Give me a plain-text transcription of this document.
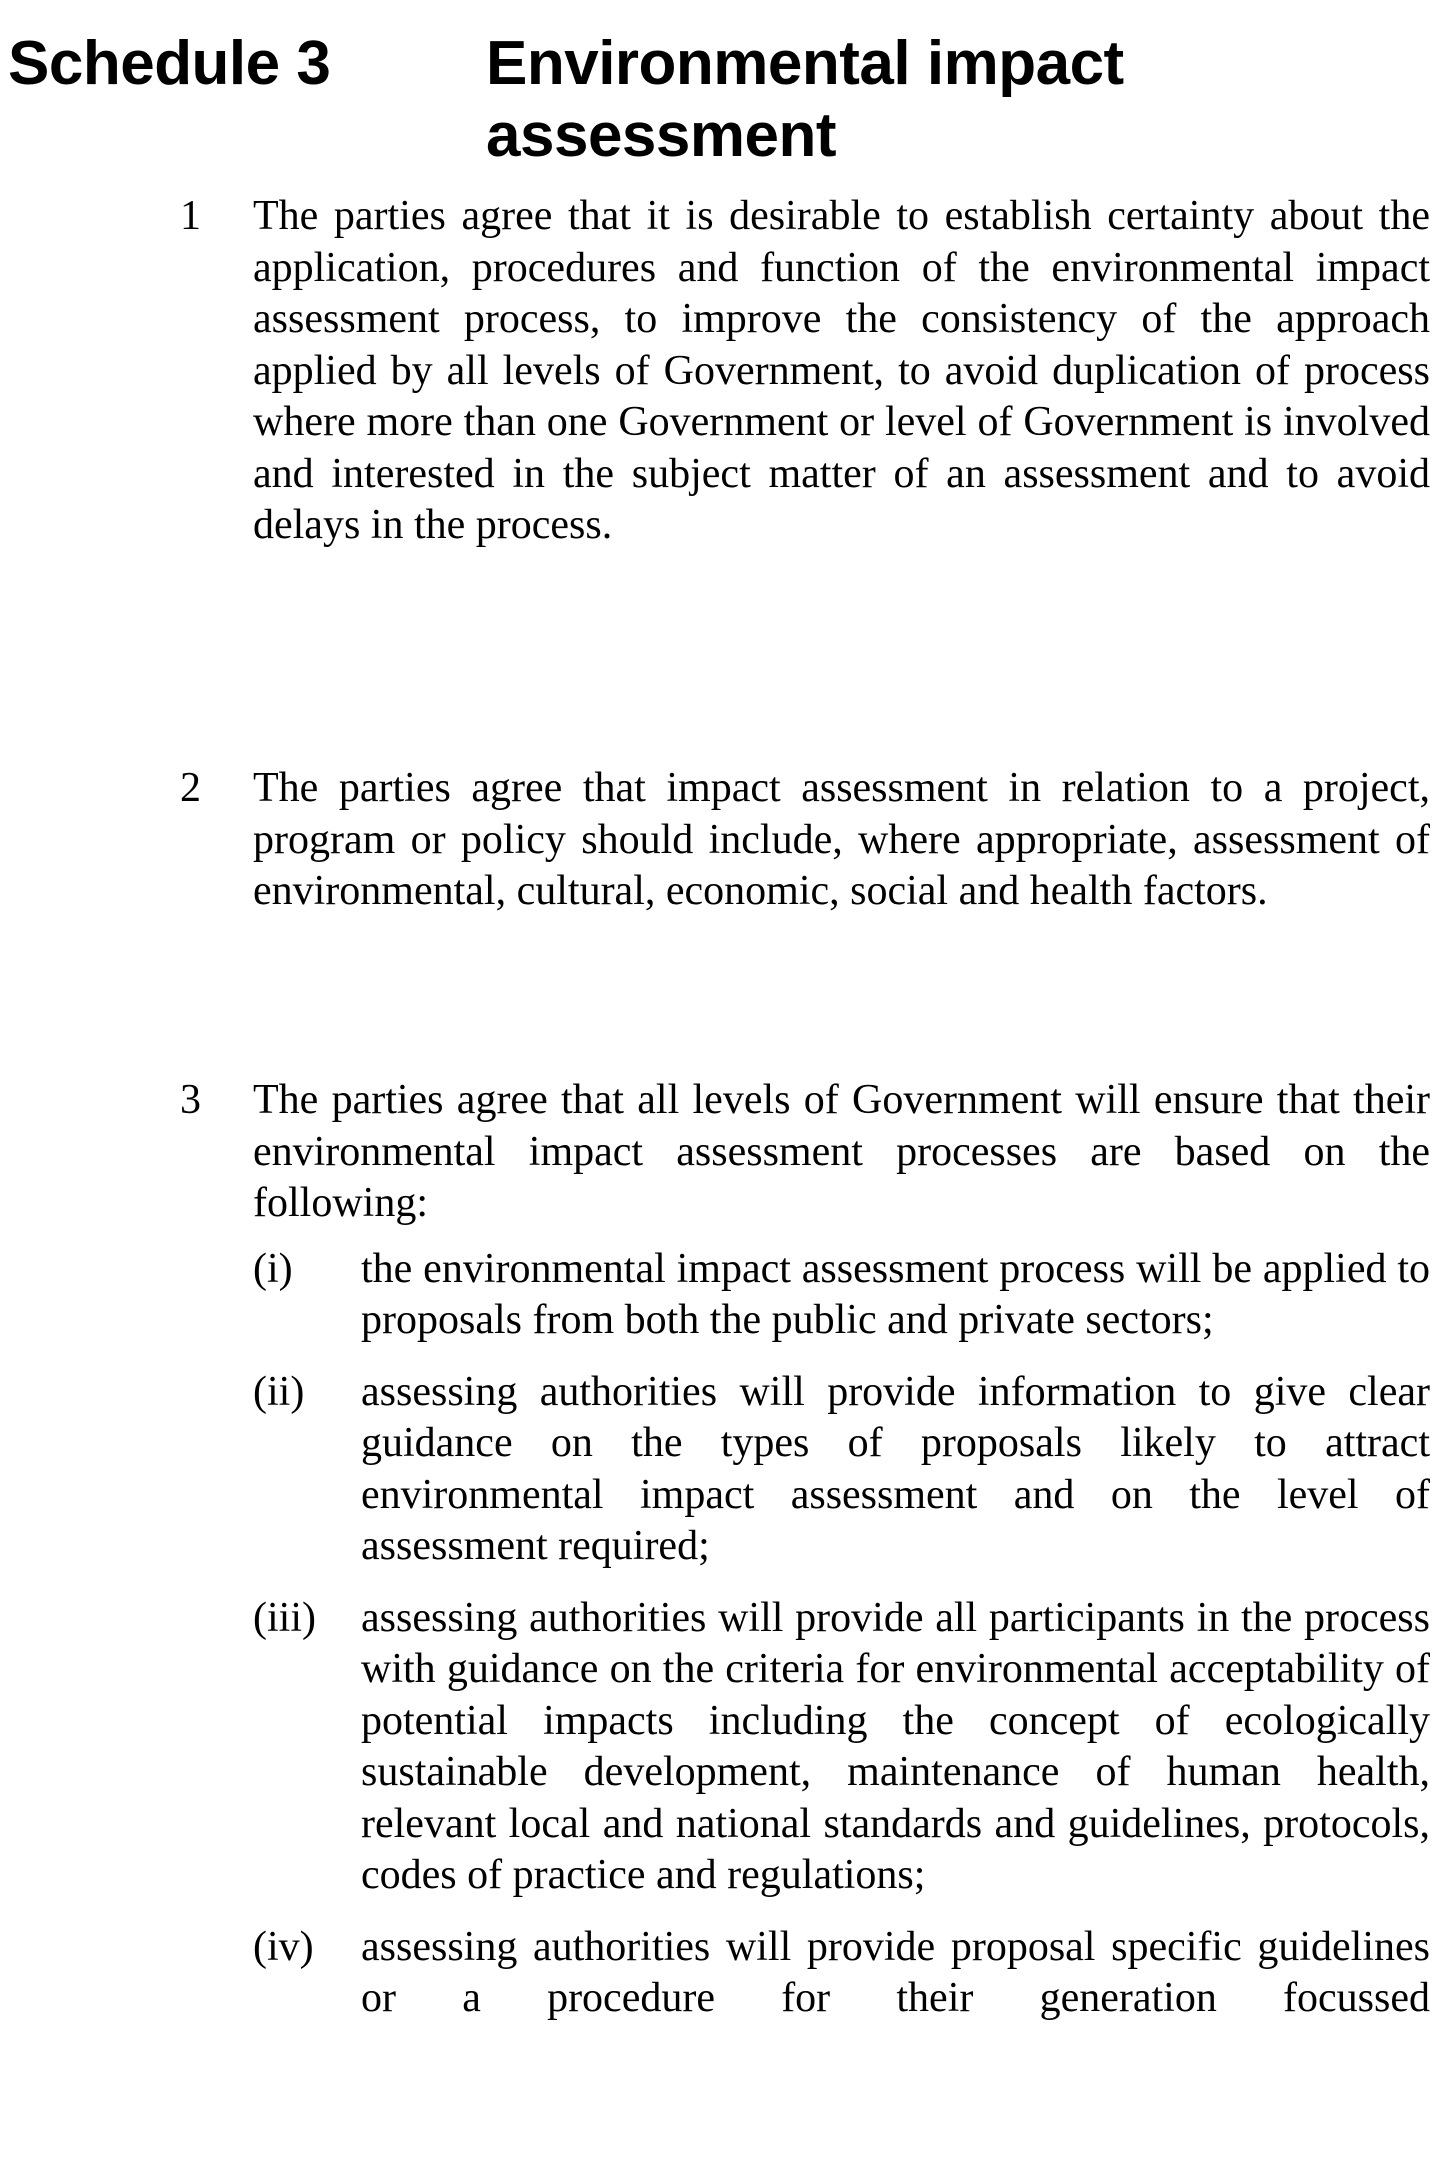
Schedule 3	Environmental impact assessment
1	The parties agree that it is desirable to establish certainty about the application, procedures and function of the environmental impact assessment process, to improve the consistency of the approach applied by all levels of Government, to avoid duplication of process where more than one Government or level of Government is involved and interested in the subject matter of an assessment and to avoid delays in the process.
2	The parties agree that impact assessment in relation to a project, program or policy should include, where appropriate, assessment of environmental, cultural, economic, social and health factors.
3	The parties agree that all levels of Government will ensure that their environmental impact assessment processes are based on the following:
(i)	the environmental impact assessment process will be applied to proposals from both the public and private sectors;
(ii)	assessing authorities will provide information to give clear guidance on the types of proposals likely to attract environmental impact assessment and on the level of assessment required;
(iii)	assessing authorities will provide all participants in the process with guidance on the criteria for environmental acceptability of potential impacts including the concept of ecologically sustainable development, maintenance of human health, relevant local and national standards and guidelines, protocols, codes of practice and regulations;
(iv)	assessing authorities will provide proposal specific guidelines or a procedure for their generation focussed
